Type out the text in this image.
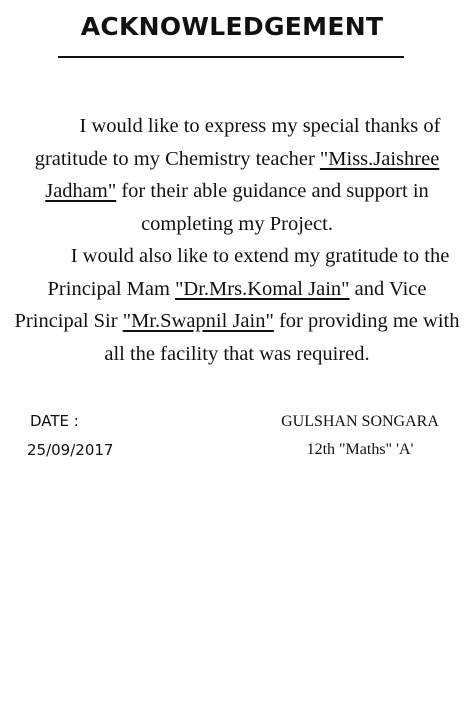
ACKNOWLEDGEMENT

I would like to express my special thanks of gratitude to my Chemistry teacher "Miss.Jaishree Jadham" for their able guidance and support in completing my Project.

I would also like to extend my gratitude to the Principal Mam "Dr.Mrs.Komal Jain" and Vice Principal Sir "Mr.Swapnil Jain" for providing me with all the facility that was required.

DATE :
25/09/2017
GULSHAN SONGARA
12th "Maths" 'A'
